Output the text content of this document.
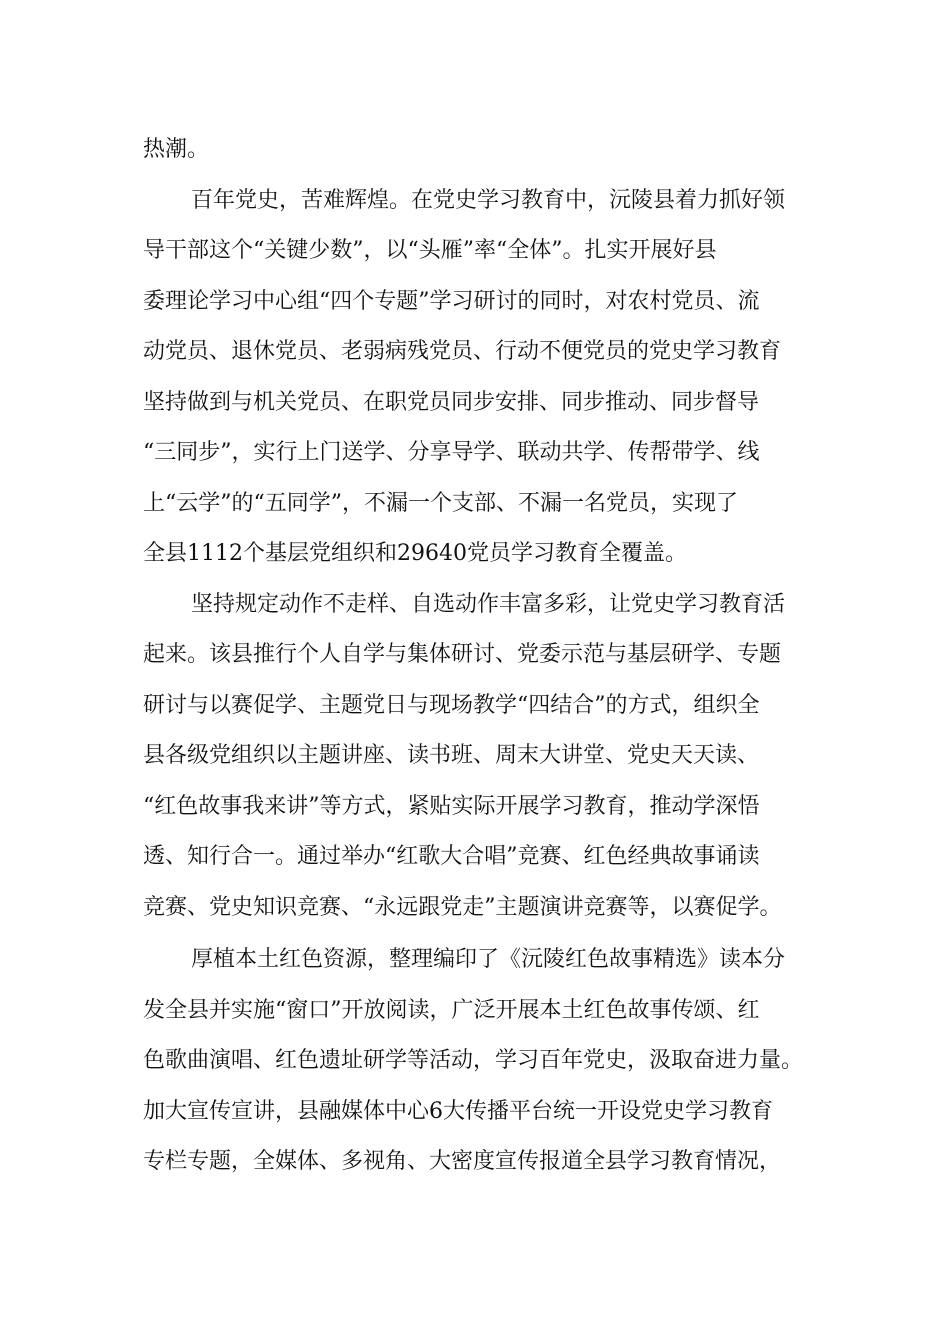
热潮。
百年党史，苦难辉煌。在党史学习教育中，沅陵县着力抓好领
导干部这个“关键少数”，以“头雁”率“全体”。扎实开展好县
委理论学习中心组“四个专题”学习研讨的同时，对农村党员、流
动党员、退休党员、老弱病残党员、行动不便党员的党史学习教育
坚持做到与机关党员、在职党员同步安排、同步推动、同步督导
“三同步”，实行上门送学、分享导学、联动共学、传帮带学、线
上“云学”的“五同学”，不漏一个支部、不漏一名党员，实现了
全县1112个基层党组织和29640党员学习教育全覆盖。
坚持规定动作不走样、自选动作丰富多彩，让党史学习教育活
起来。该县推行个人自学与集体研讨、党委示范与基层研学、专题
研讨与以赛促学、主题党日与现场教学“四结合”的方式，组织全
县各级党组织以主题讲座、读书班、周末大讲堂、党史天天读、
“红色故事我来讲”等方式，紧贴实际开展学习教育，推动学深悟
透、知行合一。通过举办“红歌大合唱”竞赛、红色经典故事诵读
竞赛、党史知识竞赛、“永远跟党走”主题演讲竞赛等，以赛促学。
厚植本土红色资源，整理编印了《沅陵红色故事精选》读本分
发全县并实施“窗口”开放阅读，广泛开展本土红色故事传颂、红
色歌曲演唱、红色遗址研学等活动，学习百年党史，汲取奋进力量。
加大宣传宣讲，县融媒体中心6大传播平台统一开设党史学习教育
专栏专题，全媒体、多视角、大密度宣传报道全县学习教育情况，
